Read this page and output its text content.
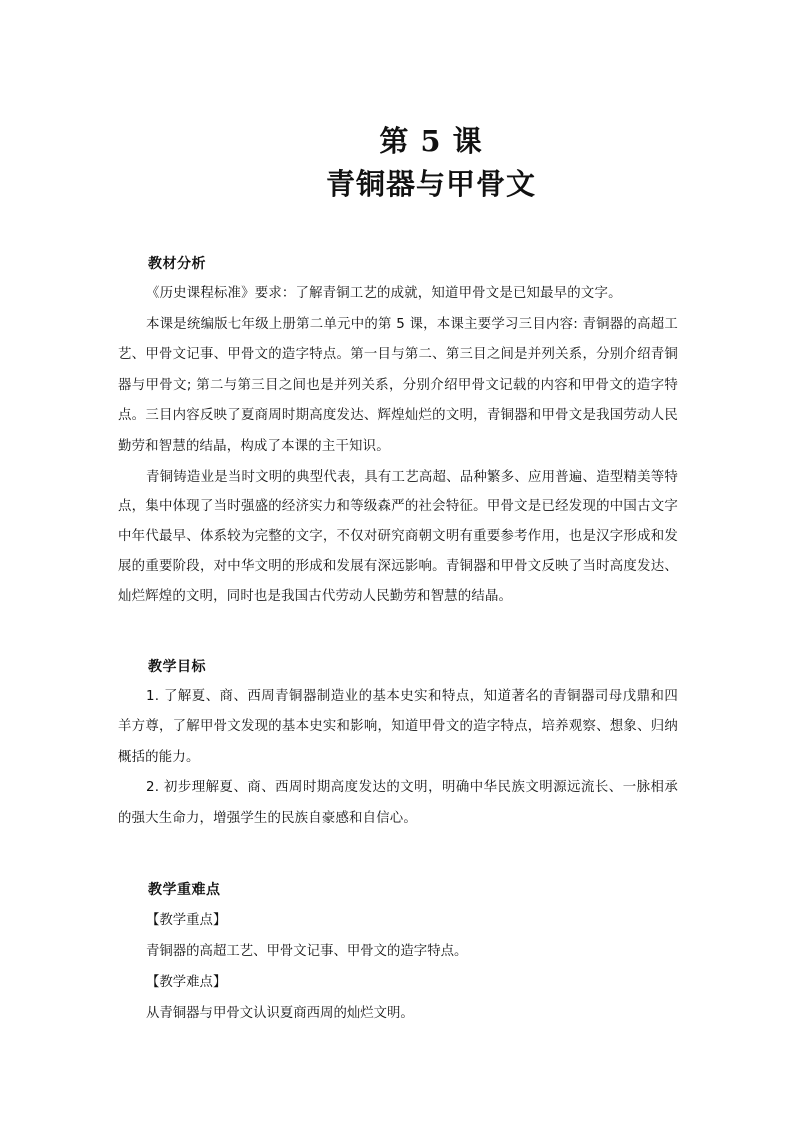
第 5 课
青铜器与甲骨文
教材分析
《历史课程标准》要求：了解青铜工艺的成就，知道甲骨文是已知最早的文字。
本课是统编版七年级上册第二单元中的第 5 课，本课主要学习三目内容: 青铜器的高超工艺、甲骨文记事、甲骨文的造字特点。第一目与第二、第三目之间是并列关系，分别介绍青铜器与甲骨文; 第二与第三目之间也是并列关系，分别介绍甲骨文记载的内容和甲骨文的造字特点。三目内容反映了夏商周时期高度发达、辉煌灿烂的文明，青铜器和甲骨文是我国劳动人民勤劳和智慧的结晶，构成了本课的主干知识。
青铜铸造业是当时文明的典型代表，具有工艺高超、品种繁多、应用普遍、造型精美等特点，集中体现了当时强盛的经济实力和等级森严的社会特征。甲骨文是已经发现的中国古文字中年代最早、体系较为完整的文字，不仅对研究商朝文明有重要参考作用，也是汉字形成和发展的重要阶段，对中华文明的形成和发展有深远影响。青铜器和甲骨文反映了当时高度发达、灿烂辉煌的文明，同时也是我国古代劳动人民勤劳和智慧的结晶。
教学目标
1. 了解夏、商、西周青铜器制造业的基本史实和特点，知道著名的青铜器司母戊鼎和四羊方尊，了解甲骨文发现的基本史实和影响，知道甲骨文的造字特点，培养观察、想象、归纳概括的能力。
2. 初步理解夏、商、西周时期高度发达的文明，明确中华民族文明源远流长、一脉相承的强大生命力，增强学生的民族自豪感和自信心。
教学重难点
【教学重点】
青铜器的高超工艺、甲骨文记事、甲骨文的造字特点。
【教学难点】
从青铜器与甲骨文认识夏商西周的灿烂文明。
